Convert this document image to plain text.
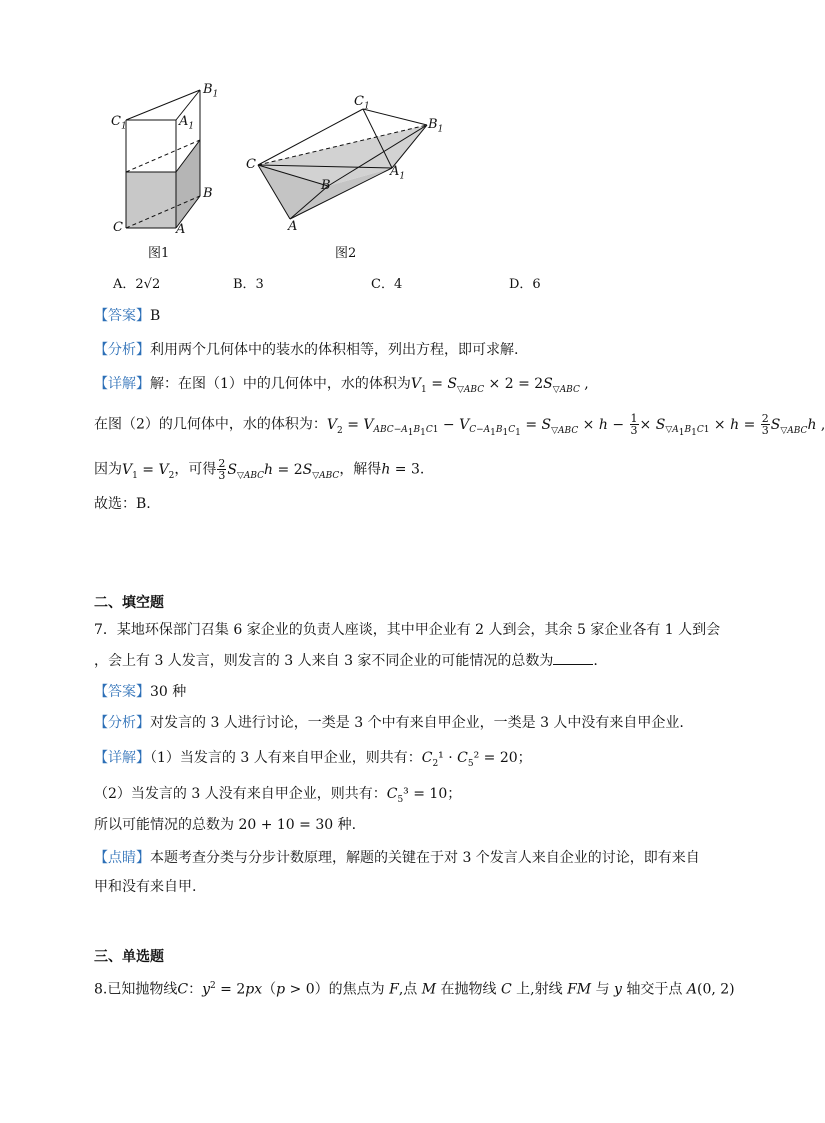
$C_1$	$A_1$
$B_1$
B
C	A
图1
$C_1$
$B_1$
C
B
$A_1$
A
图2
A．2√2	B．3	C．4	D．6
【答案】B
【分析】利用两个几何体中的装水的体积相等，列出方程，即可求解.
【详解】解：在图（1）中的几何体中，水的体积为$V_1 = S_{▽ABC} \times 2 = 2S_{▽ABC}$ ,
在图（2）的几何体中，水的体积为：$V_2 = V_{ABC-A_1B_1C1} - V_{C-A_1B_1C_1} = S_{▽ABC} \times h - \frac{1}{3} \times S_{▽A_1B_1C1} \times h = \frac{2}{3} S_{▽ABC}h$ ,
因为$V_1 = V_2$，可得 $\frac{2}{3} S_{▽ABC}h = 2S_{▽ABC}$，解得h = 3.
故选：B.
二、填空题
7．某地环保部门召集 6 家企业的负责人座谈，其中甲企业有 2 人到会，其余 5 家企业各有 1 人到会
，会上有 3 人发言，则发言的 3 人来自 3 家不同企业的可能情况的总数为	.
【答案】30 种
【分析】对发言的 3 人进行讨论，一类是 3 个中有来自甲企业，一类是 3 人中没有来自甲企业.
【详解】（1）当发言的 3 人有来自甲企业，则共有：$C_2^1 \cdot C_5^2 = 20$；
（2）当发言的 3 人没有来自甲企业，则共有：$C_5^3 = 10$；
所以可能情况的总数为 20 + 10 = 30 种.
【点睛】本题考查分类与分步计数原理，解题的关键在于对 3 个发言人来自企业的讨论，即有来自
甲和没有来自甲.
三、单选题
8.已知抛物线C：$y^2 = 2px(p > 0)$的焦点为 F,点 M 在抛物线 C 上,射线 FM 与 y 轴交于点 A(0, 2)
